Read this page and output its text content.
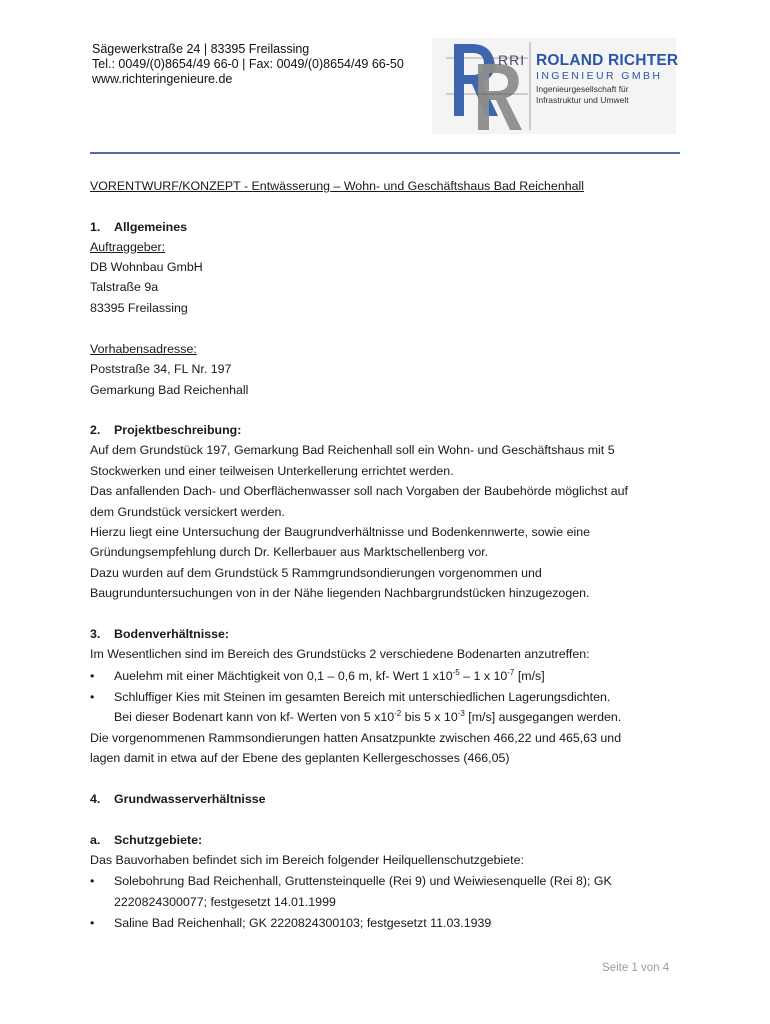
Sägewerkstraße 24 | 83395 Freilassing
Tel.: 0049/(0)8654/49 66-0 | Fax: 0049/(0)8654/49 66-50
www.richteringenieure.de
RRI ROLAND RICHTER
INGENIEUR GMBH
Ingenieurgesellschaft für
Infrastruktur und Umwelt
VORENTWURF/KONZEPT - Entwässerung – Wohn- und Geschäftshaus Bad Reichenhall
1. Allgemeines
Auftraggeber:
DB Wohnbau GmbH
Talstraße 9a
83395 Freilassing
Vorhabensadresse:
Poststraße 34, FL Nr. 197
Gemarkung Bad Reichenhall
2. Projektbeschreibung:
Auf dem Grundstück 197, Gemarkung Bad Reichenhall soll ein Wohn- und Geschäftshaus mit 5
Stockwerken und einer teilweisen Unterkellerung errichtet werden.
Das anfallenden Dach- und Oberflächenwasser soll nach Vorgaben der Baubehörde möglichst auf
dem Grundstück versickert werden.
Hierzu liegt eine Untersuchung der Baugrundverhältnisse und Bodenkennwerte, sowie eine
Gründungsempfehlung durch Dr. Kellerbauer aus Marktschellenberg vor.
Dazu wurden auf dem Grundstück 5 Rammgrundsondierungen vorgenommen und
Baugrunduntersuchungen von in der Nähe liegenden Nachbargrundstücken hinzugezogen.
3. Bodenverhältnisse:
Im Wesentlichen sind im Bereich des Grundstücks 2 verschiedene Bodenarten anzutreffen:
•	Auelehm mit einer Mächtigkeit von 0,1 – 0,6 m, kf- Wert 1 $x10^{-5} - 1$ x $10^{-7}$ [m/s]
•	Schluffiger Kies mit Steinen im gesamten Bereich mit unterschiedlichen Lagerungsdichten.
Bei dieser Bodenart kann von kf- Werten von 5 $x10^{-2}$ bis 5 x $10^{-3}$ [m/s] ausgegangen werden.
Die vorgenommenen Rammsondierungen hatten Ansatzpunkte zwischen 466,22 und 465,63 und
lagen damit in etwa auf der Ebene des geplanten Kellergeschosses (466,05)
4. Grundwasserverhältnisse
a. Schutzgebiete:
Das Bauvorhaben befindet sich im Bereich folgender Heilquellenschutzgebiete:
•	Solebohrung Bad Reichenhall, Gruttensteinquelle (Rei 9) und Weiwiesenquelle (Rei 8); GK
2220824300077; festgesetzt 14.01.1999
•	Saline Bad Reichenhall; GK 2220824300103; festgesetzt 11.03.1939
Seite 1 von 4
